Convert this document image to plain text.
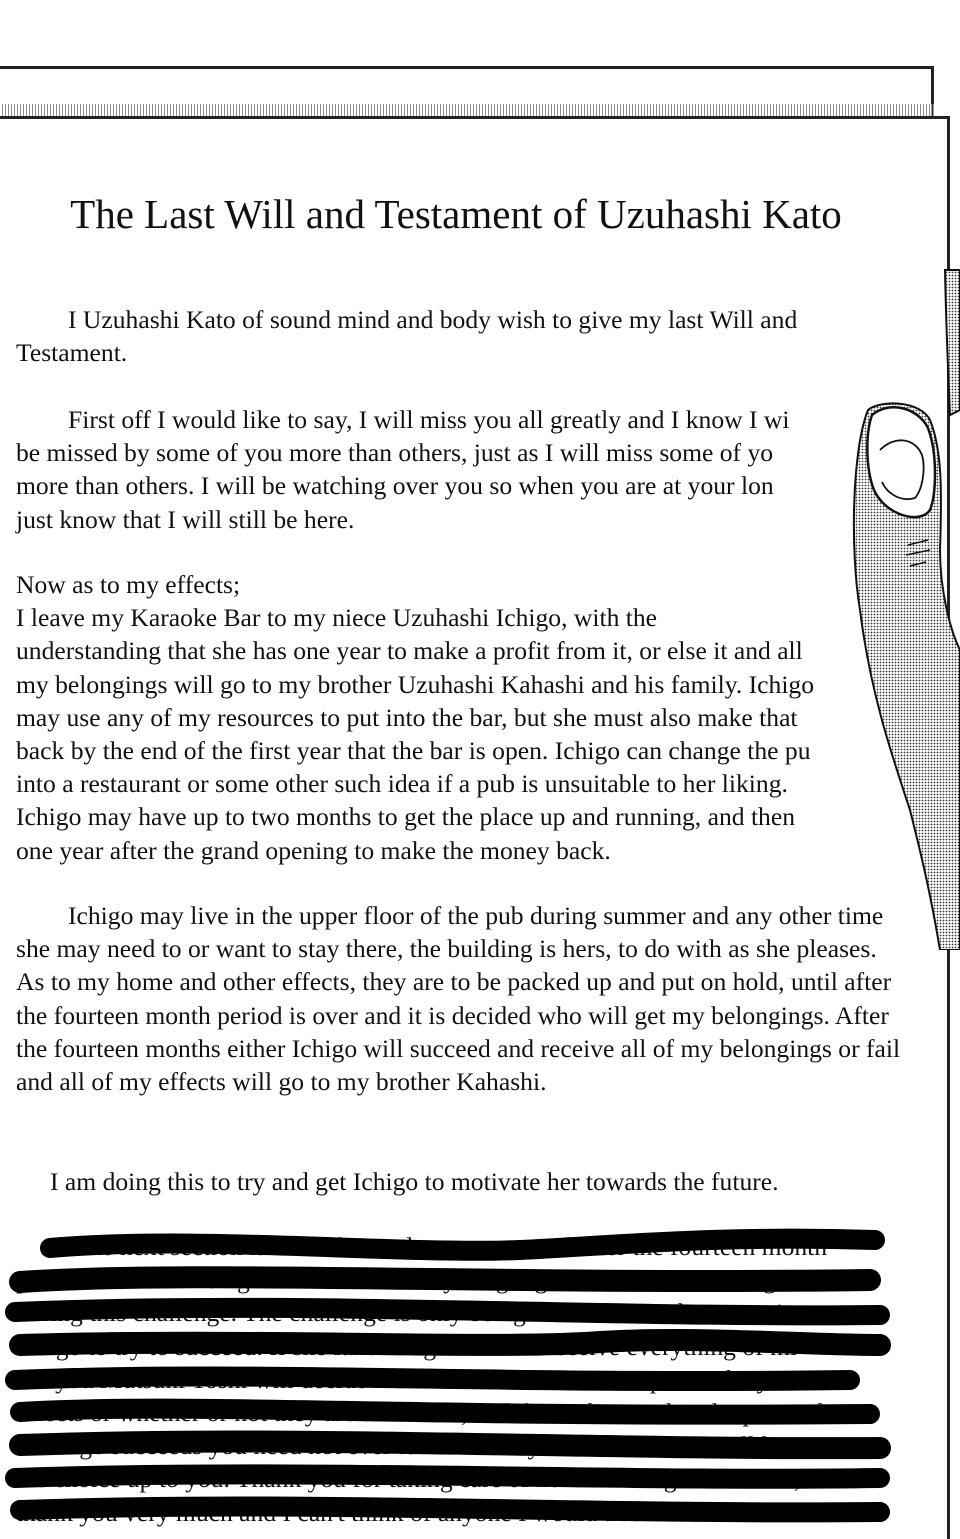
The Last Will and Testament of Uzuhashi Kato

I Uzuhashi Kato of sound mind and body wish to give my last Will and Testament.

First off I would like to say, I will miss you all greatly and I know I wi
be missed by some of you more than others, just as I will miss some of yo
more than others. I will be watching over you so when you are at your lon
just know that I will still be here.

Now as to my effects;
I leave my Karaoke Bar to my niece Uzuhashi Ichigo, with the
understanding that she has one year to make a profit from it, or else it and all
my belongings will go to my brother Uzuhashi Kahashi and his family. Ichigo
may use any of my resources to put into the bar, but she must also make that
back by the end of the first year that the bar is open. Ichigo can change the pu
into a restaurant or some other such idea if a pub is unsuitable to her liking.
Ichigo may have up to two months to get the place up and running, and then
one year after the grand opening to make the money back.

Ichigo may live in the upper floor of the pub during summer and any other time she may need to or want to stay there, the building is hers, to do with as she pleases. As to my home and other effects, they are to be packed up and put on hold, until after the fourteen month period is over and it is decided who will get my belongings. After the fourteen months either Ichigo will succeed and receive all of my belongings or fail and all of my effects will go to my brother Kahashi.

I am doing this to try and get Ichigo to motivate her towards the future.

This next section is not to be read to anyone until after the fourteen month
period. Uzuhashi Ichigo is to receive everything regardless of her winning
during this challenge. The challenge is only being set forth in order to motivat
Ichigo to try to succeed. If she fails Ichigo will still receive everything of mi
but you Mutsuhi Toshi will decide if she can handle certain aspects of my
effects or whether or not they are to be sold, and the cash rooted in the proceeds
If Ichigo succeeds you need not ever tell her or anyone of this, but I will lea
the choice up to you. Thank you for taking care of her and doing this for me, I
thank you very much and I can't think of anyone I would trust more to take
